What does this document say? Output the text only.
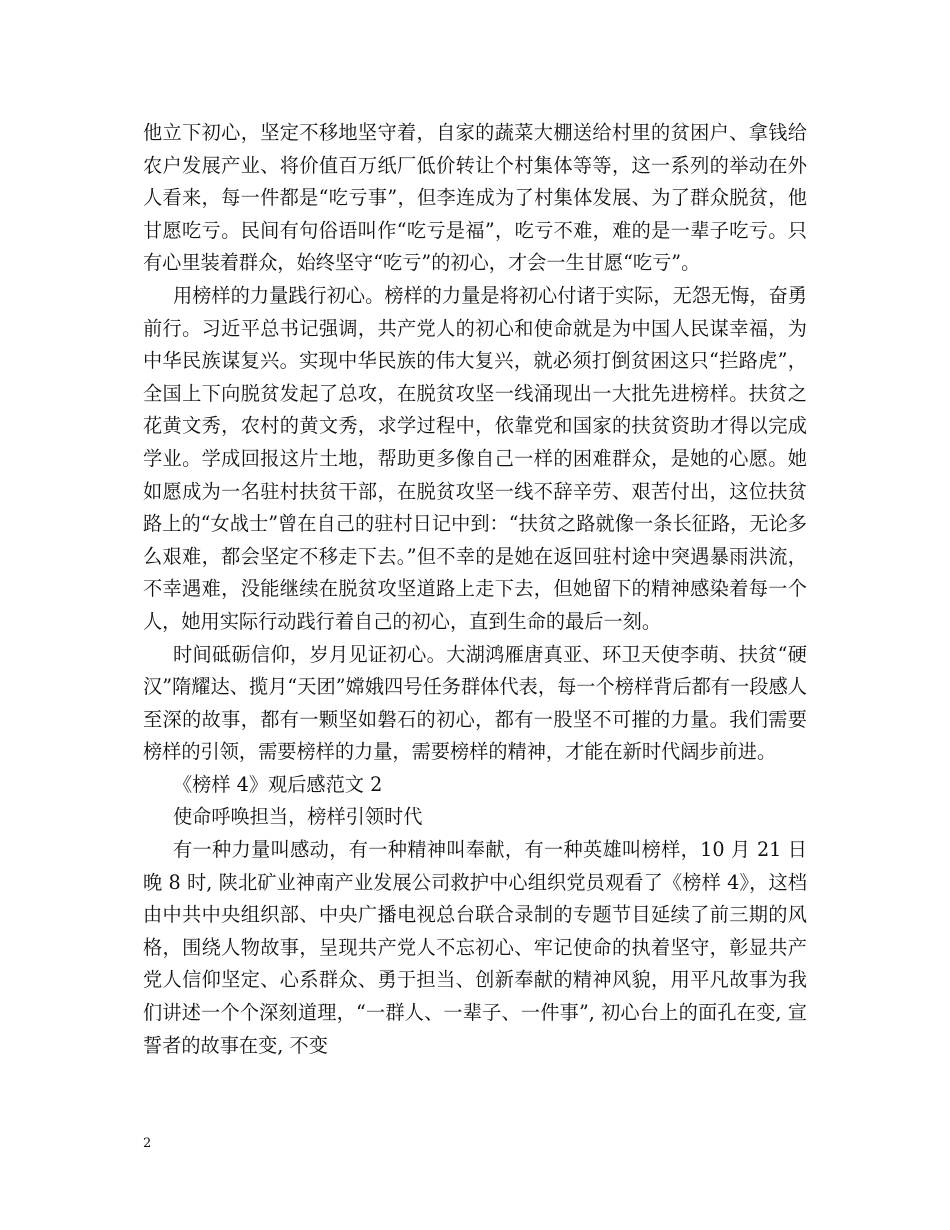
他立下初心，坚定不移地坚守着，自家的蔬菜大棚送给村里的贫困户、拿钱给农户发展产业、将价值百万纸厂低价转让个村集体等等，这一系列的举动在外人看来，每一件都是“吃亏事”，但李连成为了村集体发展、为了群众脱贫，他甘愿吃亏。民间有句俗语叫作“吃亏是福”，吃亏不难，难的是一辈子吃亏。只有心里装着群众，始终坚守“吃亏”的初心，才会一生甘愿“吃亏”。

用榜样的力量践行初心。榜样的力量是将初心付诸于实际，无怨无悔，奋勇前行。习近平总书记强调，共产党人的初心和使命就是为中国人民谋幸福，为中华民族谋复兴。实现中华民族的伟大复兴，就必须打倒贫困这只“拦路虎”，全国上下向脱贫发起了总攻，在脱贫攻坚一线涌现出一大批先进榜样。扶贫之花黄文秀，农村的黄文秀，求学过程中，依靠党和国家的扶贫资助才得以完成学业。学成回报这片土地，帮助更多像自己一样的困难群众，是她的心愿。她如愿成为一名驻村扶贫干部，在脱贫攻坚一线不辞辛劳、艰苦付出，这位扶贫路上的“女战士”曾在自己的驻村日记中到：“扶贫之路就像一条长征路，无论多么艰难，都会坚定不移走下去。”但不幸的是她在返回驻村途中突遇暴雨洪流，不幸遇难，没能继续在脱贫攻坚道路上走下去，但她留下的精神感染着每一个人，她用实际行动践行着自己的初心，直到生命的最后一刻。

时间砥砺信仰，岁月见证初心。大湖鸿雁唐真亚、环卫天使李萌、扶贫“硬汉”隋耀达、揽月“天团”嫦娥四号任务群体代表，每一个榜样背后都有一段感人至深的故事，都有一颗坚如磐石的初心，都有一股坚不可摧的力量。我们需要榜样的引领，需要榜样的力量，需要榜样的精神，才能在新时代阔步前进。

《榜样 4》观后感范文 2

使命呼唤担当，榜样引领时代

有一种力量叫感动，有一种精神叫奉献，有一种英雄叫榜样，10 月 21 日晚 8 时, 陕北矿业神南产业发展公司救护中心组织党员观看了《榜样 4》，这档由中共中央组织部、中央广播电视总台联合录制的专题节目延续了前三期的风格，围绕人物故事，呈现共产党人不忘初心、牢记使命的执着坚守，彰显共产党人信仰坚定、心系群众、勇于担当、创新奉献的精神风貌，用平凡故事为我们讲述一个个深刻道理，“一群人、一辈子、一件事”, 初心台上的面孔在变, 宣誓者的故事在变, 不变

2
